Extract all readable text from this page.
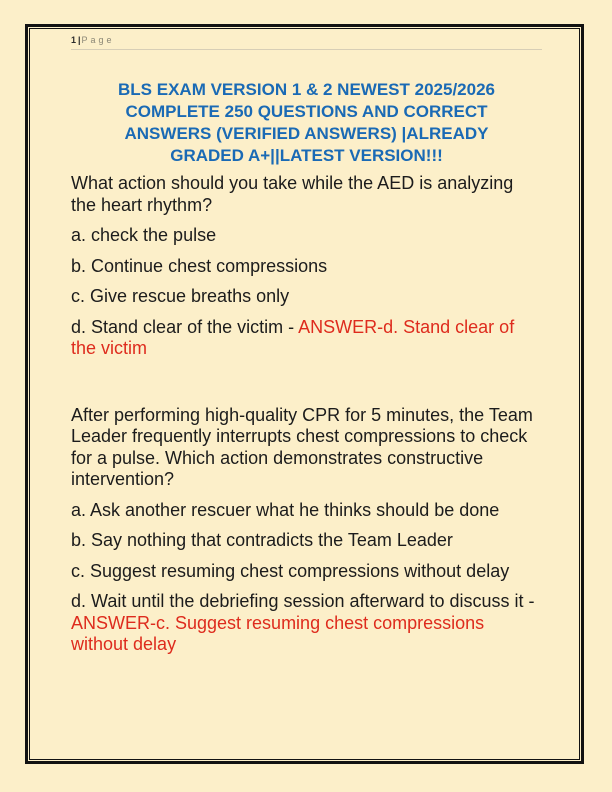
1|Page
BLS EXAM VERSION 1 & 2 NEWEST 2025/2026 COMPLETE 250 QUESTIONS AND CORRECT ANSWERS (VERIFIED ANSWERS) |ALREADY GRADED A+||LATEST VERSION!!!

What action should you take while the AED is analyzing the heart rhythm?

a. check the pulse

b. Continue chest compressions

c. Give rescue breaths only

d. Stand clear of the victim - ANSWER-d. Stand clear of the victim

After performing high-quality CPR for 5 minutes, the Team Leader frequently interrupts chest compressions to check for a pulse. Which action demonstrates constructive intervention?

a. Ask another rescuer what he thinks should be done

b. Say nothing that contradicts the Team Leader

c. Suggest resuming chest compressions without delay

d. Wait until the debriefing session afterward to discuss it - ANSWER-c. Suggest resuming chest compressions without delay
